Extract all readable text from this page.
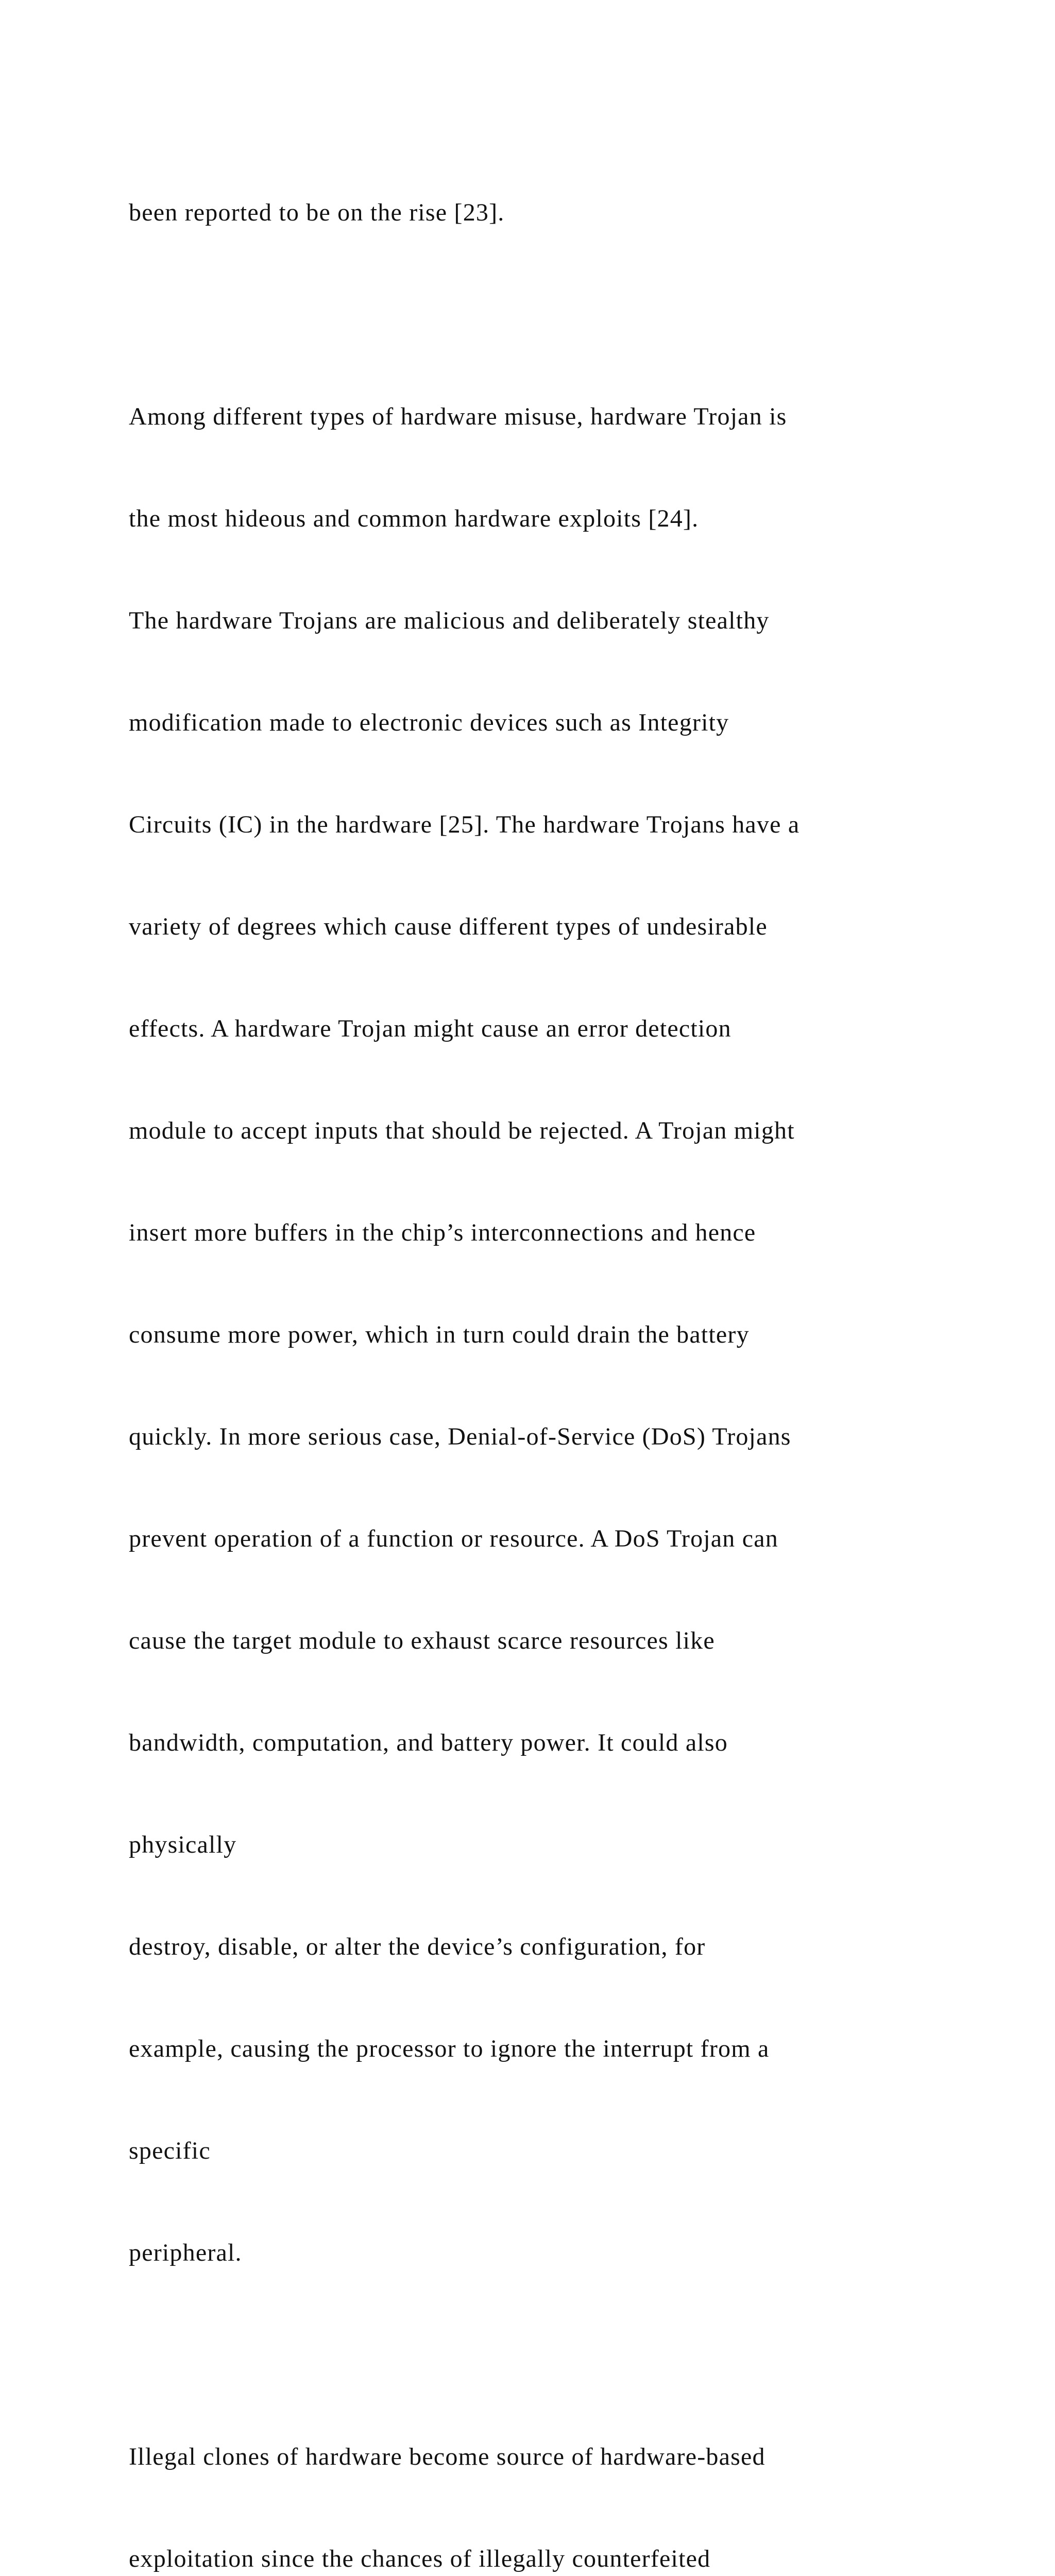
been reported to be on the rise [23].

Among different types of hardware misuse, hardware Trojan is

the most hideous and common hardware exploits [24].

The hardware Trojans are malicious and deliberately stealthy

modification made to electronic devices such as Integrity

Circuits (IC) in the hardware [25]. The hardware Trojans have a

variety of degrees which cause different types of undesirable

effects. A hardware Trojan might cause an error detection

module to accept inputs that should be rejected. A Trojan might

insert more buffers in the chip’s interconnections and hence

consume more power, which in turn could drain the battery

quickly. In more serious case, Denial-of-Service (DoS) Trojans

prevent operation of a function or resource. A DoS Trojan can

cause the target module to exhaust scarce resources like

bandwidth, computation, and battery power. It could also

physically

destroy, disable, or alter the device’s configuration, for

example, causing the processor to ignore the interrupt from a

specific

peripheral.

Illegal clones of hardware become source of hardware-based

exploitation since the chances of illegally counterfeited
